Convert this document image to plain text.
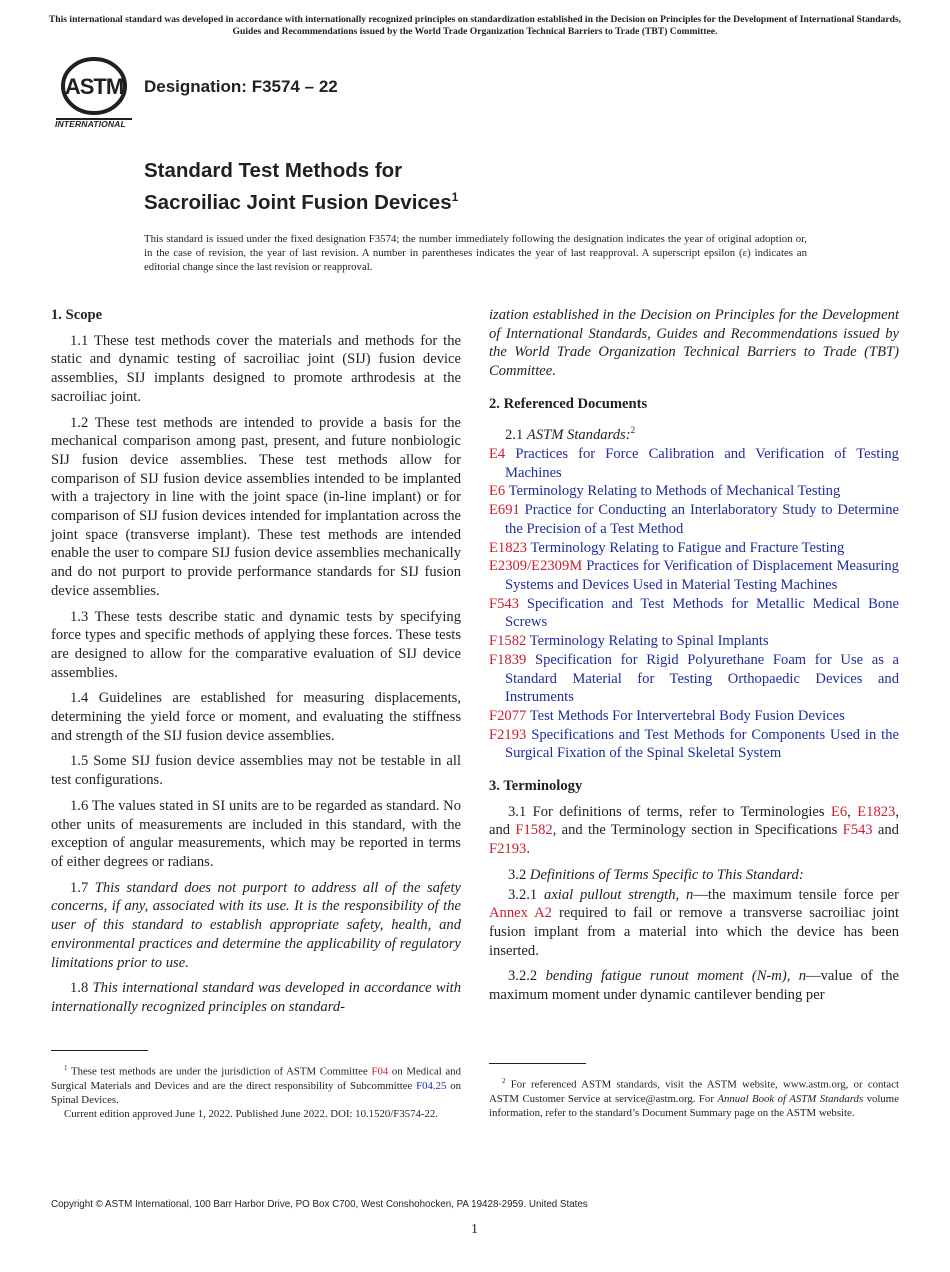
This international standard was developed in accordance with internationally recognized principles on standardization established in the Decision on Principles for the Development of International Standards, Guides and Recommendations issued by the World Trade Organization Technical Barriers to Trade (TBT) Committee.
ASTM
INTERNATIONAL
Designation: F3574 – 22
Standard Test Methods for
Sacroiliac Joint Fusion Devices$^1$
This standard is issued under the fixed designation F3574; the number immediately following the designation indicates the year of original adoption or, in the case of revision, the year of last revision. A number in parentheses indicates the year of last reapproval. A superscript epsilon (ε) indicates an editorial change since the last revision or reapproval.
1. Scope

1.1 These test methods cover the materials and methods for the static and dynamic testing of sacroiliac joint (SIJ) fusion device assemblies, SIJ implants designed to promote arthrodesis at the sacroiliac joint.

1.2 These test methods are intended to provide a basis for the mechanical comparison among past, present, and future nonbiologic SIJ fusion device assemblies. These test methods allow for comparison of SIJ fusion device assemblies intended to be implanted with a trajectory in line with the joint space (in-line implant) or for comparison of SIJ fusion devices intended for implantation across the joint space (transverse implant). These test methods are intended enable the user to compare SIJ fusion device assemblies mechanically and do not purport to provide performance standards for SIJ fusion device assemblies.

1.3 These tests describe static and dynamic tests by specifying force types and specific methods of applying these forces. These tests are designed to allow for the comparative evaluation of SIJ device assemblies.

1.4 Guidelines are established for measuring displacements, determining the yield force or moment, and evaluating the stiffness and strength of the SIJ fusion device assemblies.

1.5 Some SIJ fusion device assemblies may not be testable in all test configurations.

1.6 The values stated in SI units are to be regarded as standard. No other units of measurements are included in this standard, with the exception of angular measurements, which may be reported in terms of either degrees or radians.

1.7 This standard does not purport to address all of the safety concerns, if any, associated with its use. It is the responsibility of the user of this standard to establish appropriate safety, health, and environmental practices and determine the applicability of regulatory limitations prior to use.

1.8 This international standard was developed in accordance with internationally recognized principles on standard-

$^1$ These test methods are under the jurisdiction of ASTM Committee F04 on Medical and Surgical Materials and Devices and are the direct responsibility of Subcommittee F04.25 on Spinal Devices.

Current edition approved June 1, 2022. Published June 2022. DOI: 10.1520/F3574-22.

ization established in the Decision on Principles for the Development of International Standards, Guides and Recommendations issued by the World Trade Organization Technical Barriers to Trade (TBT) Committee.

2. Referenced Documents

2.1 ASTM Standards:$^2$

E4 Practices for Force Calibration and Verification of Testing Machines
E6 Terminology Relating to Methods of Mechanical Testing
E691 Practice for Conducting an Interlaboratory Study to Determine the Precision of a Test Method
E1823 Terminology Relating to Fatigue and Fracture Testing
E2309/E2309M Practices for Verification of Displacement Measuring Systems and Devices Used in Material Testing Machines
F543 Specification and Test Methods for Metallic Medical Bone Screws
F1582 Terminology Relating to Spinal Implants
F1839 Specification for Rigid Polyurethane Foam for Use as a Standard Material for Testing Orthopaedic Devices and Instruments
F2077 Test Methods For Intervertebral Body Fusion Devices
F2193 Specifications and Test Methods for Components Used in the Surgical Fixation of the Spinal Skeletal System
3. Terminology

3.1 For definitions of terms, refer to Terminologies E6, E1823, and F1582, and the Terminology section in Specifications F543 and F2193.

3.2 Definitions of Terms Specific to This Standard:

3.2.1 axial pullout strength, n—the maximum tensile force per Annex A2 required to fail or remove a transverse sacroiliac joint fusion implant from a material into which the device has been inserted.

3.2.2 bending fatigue runout moment (N-m), n—value of the maximum moment under dynamic cantilever bending per

$^2$ For referenced ASTM standards, visit the ASTM website, www.astm.org, or contact ASTM Customer Service at service@astm.org. For Annual Book of ASTM Standards volume information, refer to the standard’s Document Summary page on the ASTM website.

Copyright © ASTM International, 100 Barr Harbor Drive, PO Box C700, West Conshohocken, PA 19428-2959. United States
1
